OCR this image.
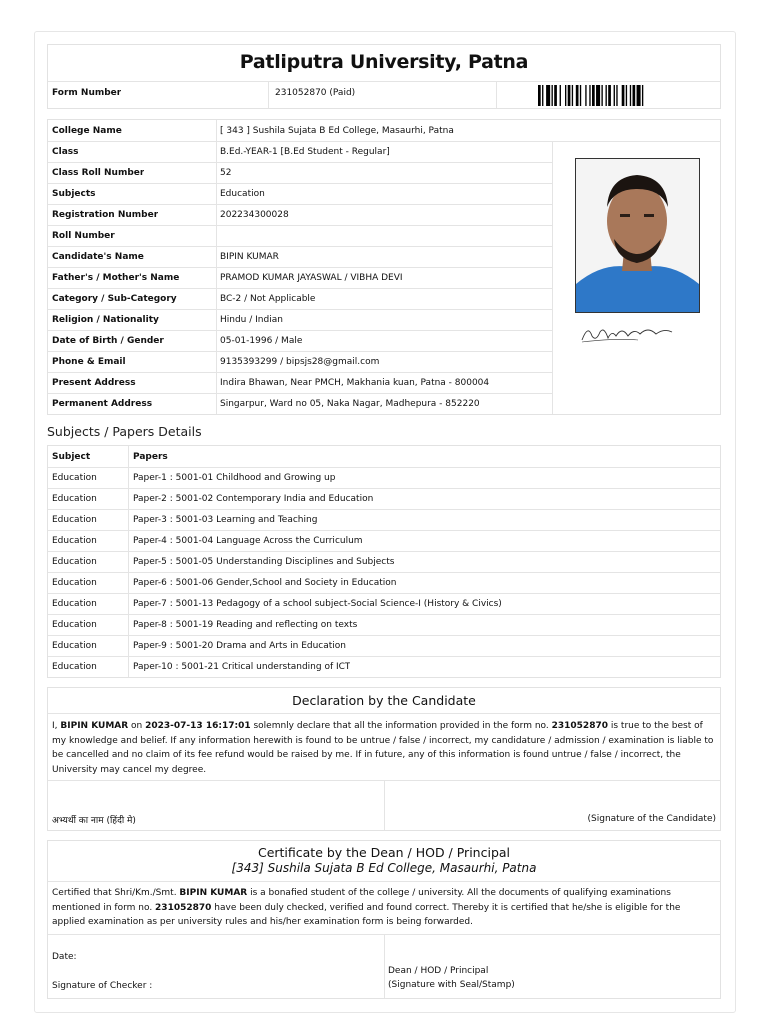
Patliputra University, Patna
Form Number	231052870 (Paid)
College Name	[ 343 ] Sushila Sujata B Ed College, Masaurhi, Patna
Class	B.Ed.-YEAR-1 [B.Ed Student - Regular]
Class Roll Number	52
Subjects	Education
Registration Number	202234300028
Roll Number
Candidate's Name	BIPIN KUMAR
Father's / Mother's Name	PRAMOD KUMAR JAYASWAL / VIBHA DEVI
Category / Sub-Category	BC-2 / Not Applicable
Religion / Nationality	Hindu / Indian
Date of Birth / Gender	05-01-1996 / Male
Phone & Email	9135393299 / bipsjs28@gmail.com
Present Address	Indira Bhawan, Near PMCH, Makhania kuan, Patna - 800004
Permanent Address	Singarpur, Ward no 05, Naka Nagar, Madhepura - 852220
Subjects / Papers Details
Subject	Papers
Education	Paper-1 : 5001-01 Childhood and Growing up
Education	Paper-2 : 5001-02 Contemporary India and Education
Education	Paper-3 : 5001-03 Learning and Teaching
Education	Paper-4 : 5001-04 Language Across the Curriculum
Education	Paper-5 : 5001-05 Understanding Disciplines and Subjects
Education	Paper-6 : 5001-06 Gender,School and Society in Education
Education	Paper-7 : 5001-13 Pedagogy of a school subject-Social Science-I (History & Civics)
Education	Paper-8 : 5001-19 Reading and reflecting on texts
Education	Paper-9 : 5001-20 Drama and Arts in Education
Education	Paper-10 : 5001-21 Critical understanding of ICT
Declaration by the Candidate
I, BIPIN KUMAR on 2023-07-13 16:17:01 solemnly declare that all the information provided in the form no. 231052870 is true to the best of my knowledge and belief. If any information herewith is found to be untrue / false / incorrect, my candidature / admission / examination is liable to be cancelled and no claim of its fee refund would be raised by me. If in future, any of this information is found untrue / false / incorrect, the University may cancel my degree.
अभ्यर्थी का नाम (हिंदी मे)	(Signature of the Candidate)
Certificate by the Dean / HOD / Principal
[343] Sushila Sujata B Ed College, Masaurhi, Patna
Certified that Shri/Km./Smt. BIPIN KUMAR is a bonafied student of the college / university. All the documents of qualifying examinations mentioned in form no. 231052870 have been duly checked, verified and found correct. Thereby it is certified that he/she is eligible for the applied examination as per university rules and his/her examination form is being forwarded.
Date:
Signature of Checker :
Dean / HOD / Principal
(Signature with Seal/Stamp)
